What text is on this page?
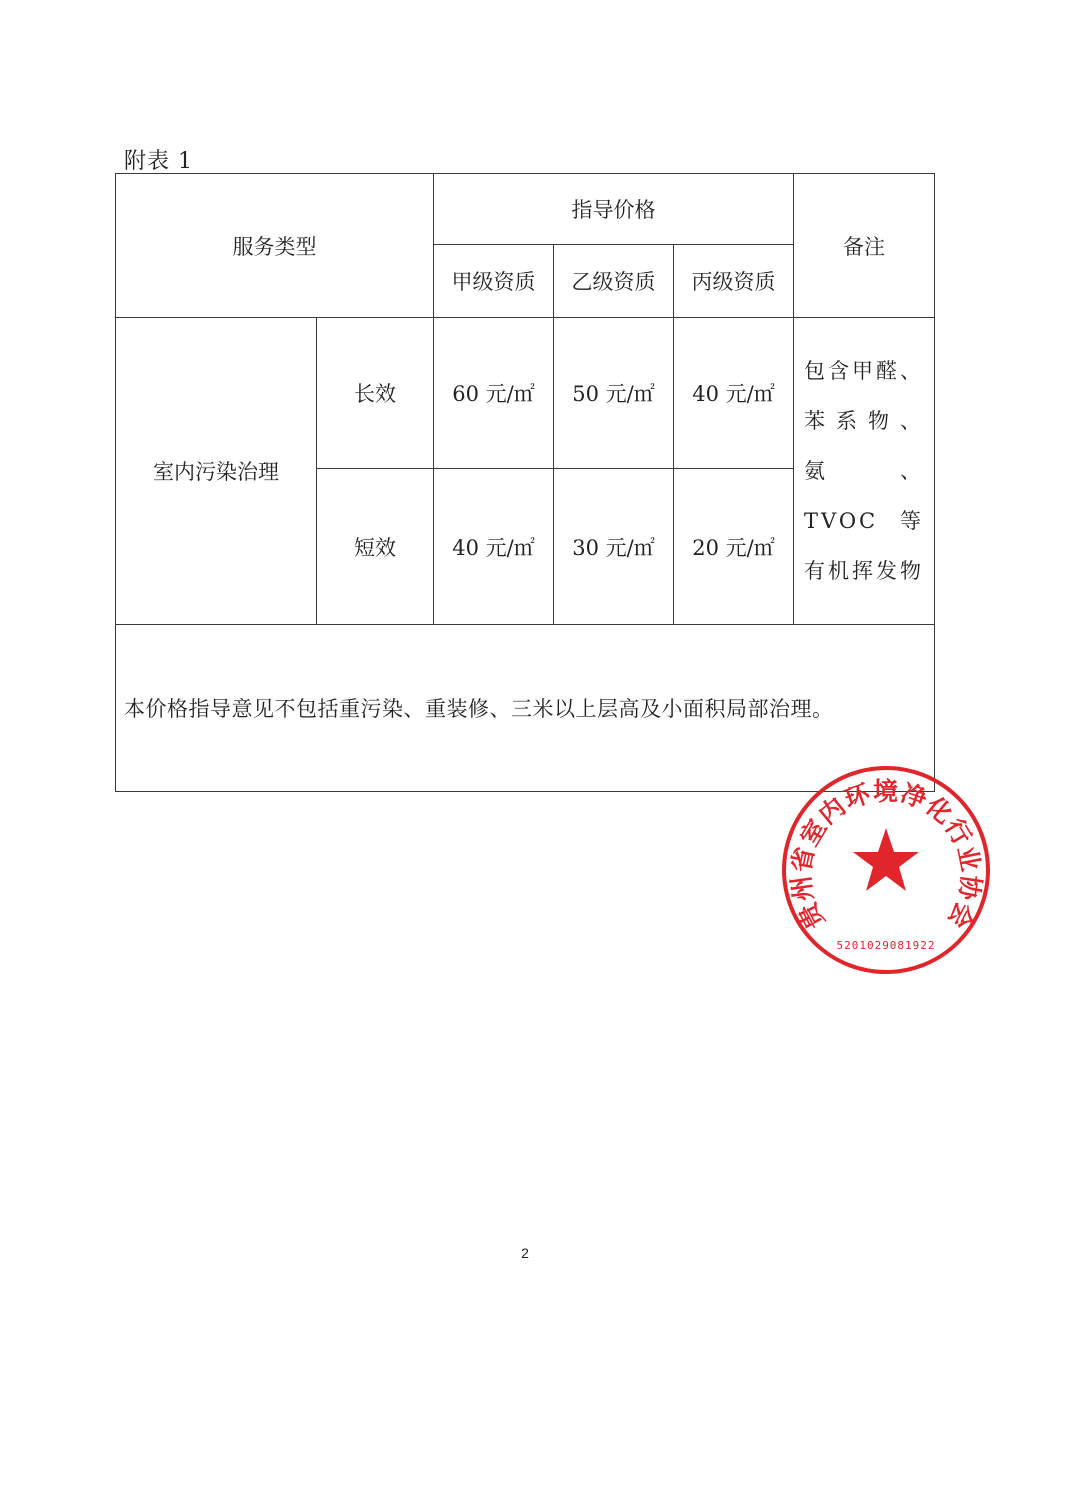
附表 1
服务类型		指导价格			备注
		甲级资质	乙级资质	丙级资质	
室内污染治理	长效	60 元/㎡	50 元/㎡	40 元/㎡	包含甲醛、苯系物、氨、TVOC等有机挥发物
	短效	40 元/㎡	30 元/㎡	20 元/㎡	
本价格指导意见不包括重污染、重装修、三米以上层高及小面积局部治理。					
贵州省室内环境净化行业协会
5201029081922
2
